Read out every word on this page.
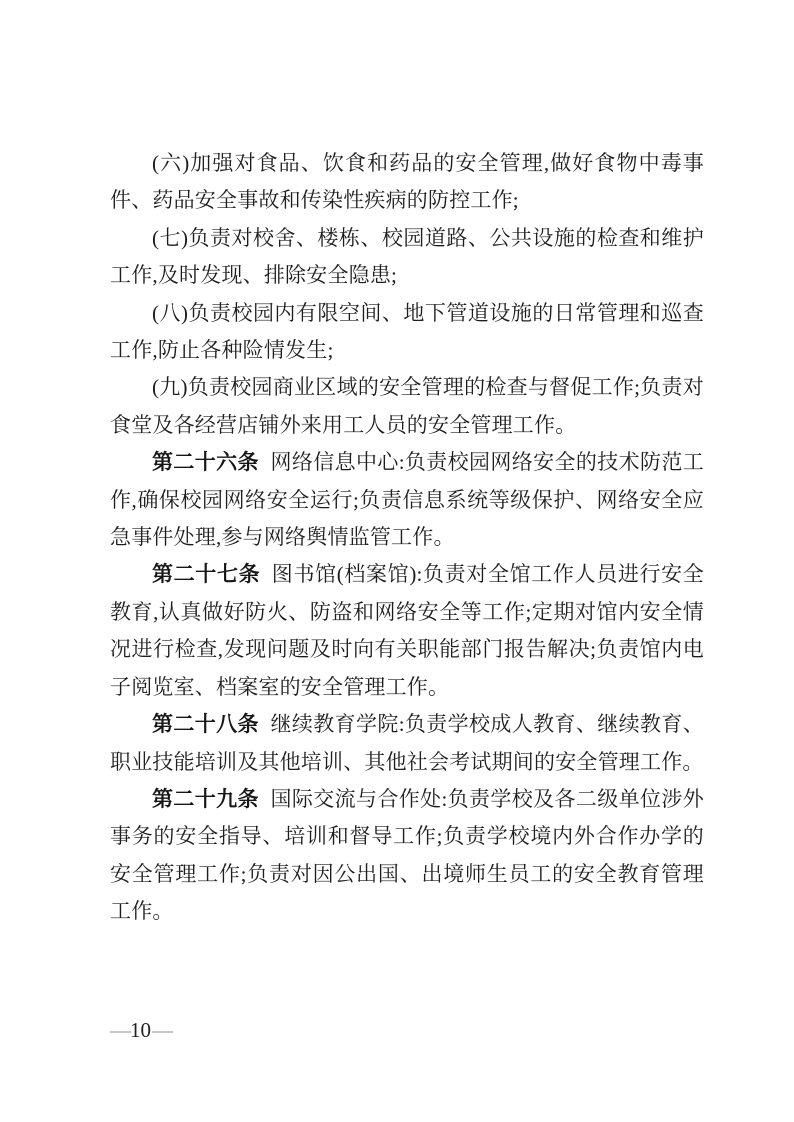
(六)加强对食品、饮食和药品的安全管理,做好食物中毒事件、药品安全事故和传染性疾病的防控工作;

(七)负责对校舍、楼栋、校园道路、公共设施的检查和维护工作,及时发现、排除安全隐患;

(八)负责校园内有限空间、地下管道设施的日常管理和巡查工作,防止各种险情发生;

(九)负责校园商业区域的安全管理的检查与督促工作;负责对食堂及各经营店铺外来用工人员的安全管理工作。

第二十六条 网络信息中心:负责校园网络安全的技术防范工作,确保校园网络安全运行;负责信息系统等级保护、网络安全应急事件处理,参与网络舆情监管工作。

第二十七条 图书馆(档案馆):负责对全馆工作人员进行安全教育,认真做好防火、防盗和网络安全等工作;定期对馆内安全情况进行检查,发现问题及时向有关职能部门报告解决;负责馆内电子阅览室、档案室的安全管理工作。

第二十八条 继续教育学院:负责学校成人教育、继续教育、职业技能培训及其他培训、其他社会考试期间的安全管理工作。

第二十九条 国际交流与合作处:负责学校及各二级单位涉外事务的安全指导、培训和督导工作;负责学校境内外合作办学的安全管理工作;负责对因公出国、出境师生员工的安全教育管理工作。

—10—
